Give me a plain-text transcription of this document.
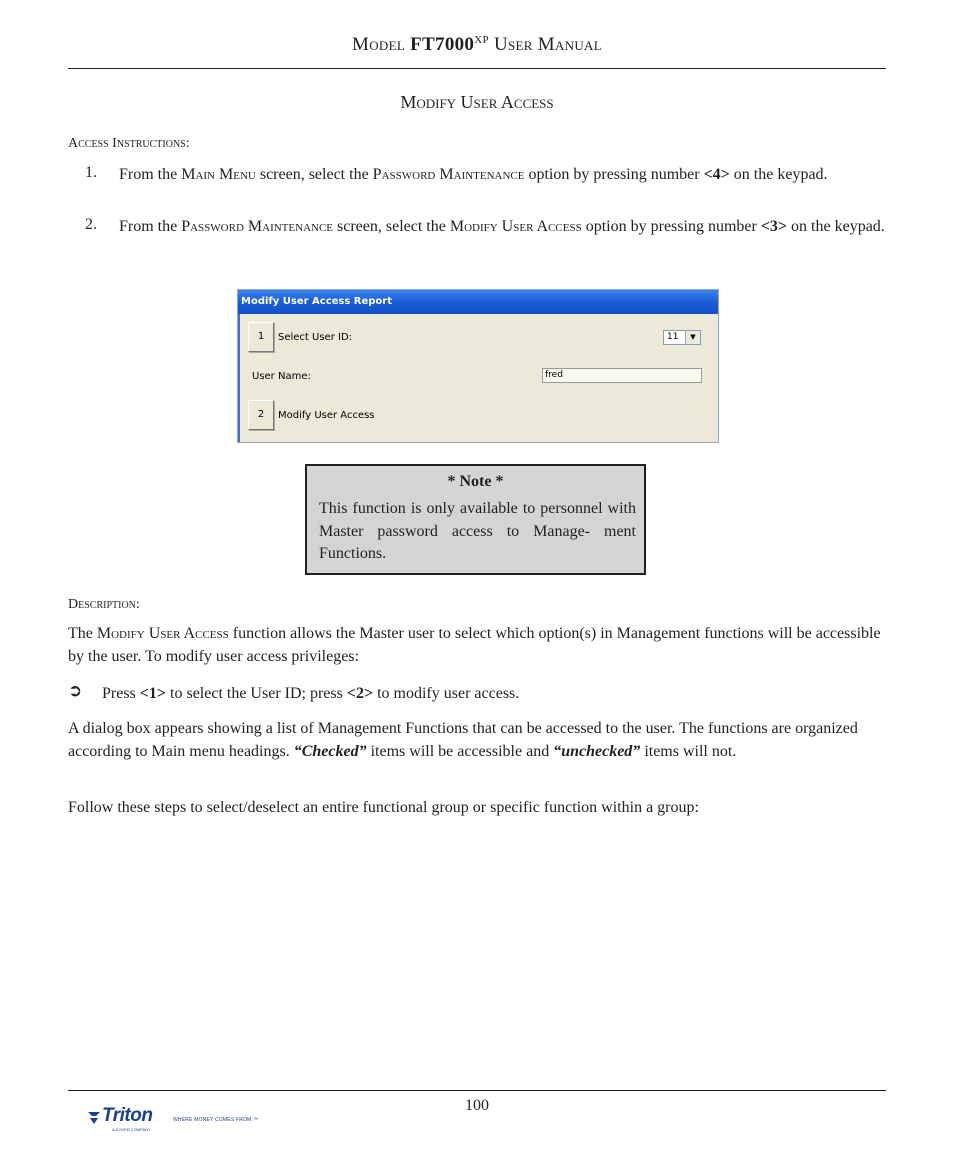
Model $FT7000^{XP}$ User Manual
Modify User Access
Access Instructions:
1. From the Main Menu screen, select the Password Maintenance option by pressing number <4> on the keypad.
2. From the Password Maintenance screen, select the Modify User Access option by pressing number <3> on the keypad.
Modify User Access Report
1	Select User ID:	11	▼
User Name:	fred
2	Modify User Access
* Note *
This function is only available to personnel with Master password access to Manage- ment Functions.
Description:
The Modify User Access function allows the Master user to select which option(s) in Management functions will be accessible by the user. To modify user access privileges:
➲ Press <1> to select the User ID; press <2> to modify user access.
A dialog box appears showing a list of Management Functions that can be accessed to the user. The functions are organized according to Main menu headings. “Checked” items will be accessible and “unchecked” items will not.
Follow these steps to select/deselect an entire functional group or specific function within a group:
100
Triton	WHERE MONEY COMES FROM.™
A DOVER COMPANY
